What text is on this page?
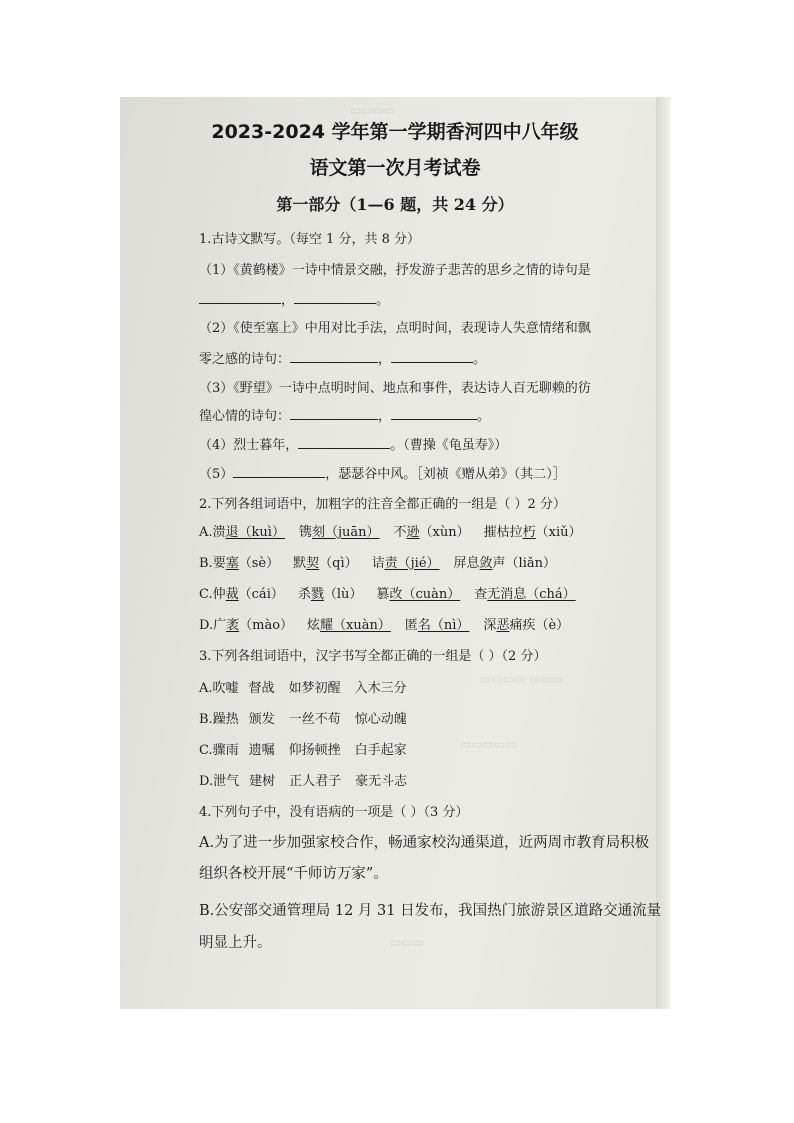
▭▭▭▭
▭▭▭▭ ▭▭▭
▭▭▭▭▭
▭▭▭
2023-2024 学年第一学期香河四中八年级
语文第一次月考试卷
第一部分（1—6 题，共 24 分）
1.古诗文默写。（每空 1 分，共 8 分）
（1）《黄鹤楼》一诗中情景交融，抒发游子悲苦的思乡之情的诗句是
，	。
（2）《使至塞上》中用对比手法，点明时间，表现诗人失意情绪和飘
零之感的诗句：	，	。
（3）《野望》一诗中点明时间、地点和事件，表达诗人百无聊赖的彷
徨心情的诗句：	，	。
（4）烈士暮年，	。（曹操《龟虽寿》）
（5）	，瑟瑟谷中风。［刘祯《赠从弟》（其二）］
2.下列各组词语中，加粗字的注音全都正确的一组是（ ）2 分）
A.溃退（kuì） 镌刻（juān） 不逊（xùn） 摧枯拉朽（xiǔ）
B.要塞（sè） 默契（qì） 诘责（jié） 屏息敛声（liǎn）
C.仲裁（cái） 杀戮（lù） 篡改（cuàn） 查无消息（chá）
D.广袤（mào） 炫耀（xuàn） 匿名（nì） 深恶痛疾（è）
3.下列各组词语中，汉字书写全都正确的一组是（ ）（2 分）
A.吹嘘 督战 如梦初醒 入木三分
B.躁热 颁发 一丝不苟 惊心动魄
C.骤雨 遗嘱 仰扬顿挫 白手起家
D.泄气 建树 正人君子 豪无斗志
4.下列句子中，没有语病的一项是（ ）（3 分）
A.为了进一步加强家校合作，畅通家校沟通渠道，近两周市教育局积极
组织各校开展“千师访万家”。
B.公安部交通管理局 12 月 31 日发布，我国热门旅游景区道路交通流量
明显上升。
